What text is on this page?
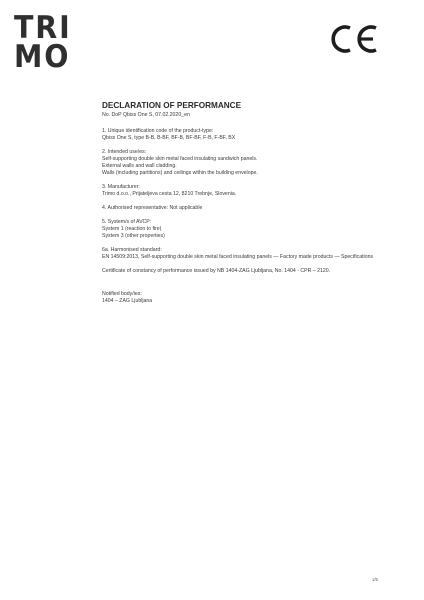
TRI
MO
DECLARATION OF PERFORMANCE
No. DoP Qbiss One S, 07.02.2020_en

1. Unique identification code of the product-type:

Qbiss One S, type B-B, B-BF, BF-B, BF-BF, F-B, F-BF, BX

2. Intended use/es:

Self-supporting double skin metal faced insulating sandwich panels.

External walls and wall cladding.

Walls (including partitions) and ceilings within the building envelope.

3. Manufacturer:

Trimo d.o.o., Prijateljeva cesta 12, 8210 Trebnje, Slovenia.

4. Authorised representative: Not applicable

5. System/s of AVCP:

System 1 (reaction to fire)

System 3 (other properties)

6a. Harmonised standard:

EN 14509:2013, Self-supporting double skin metal faced insulating panels — Factory made products — Specifications

Certificate of constancy of performance issued by NB 1404-ZAG Ljubljana, No. 1404 - CPR – 2120.

Notified body/ies:

1404 – ZAG Ljubljana

1/5
